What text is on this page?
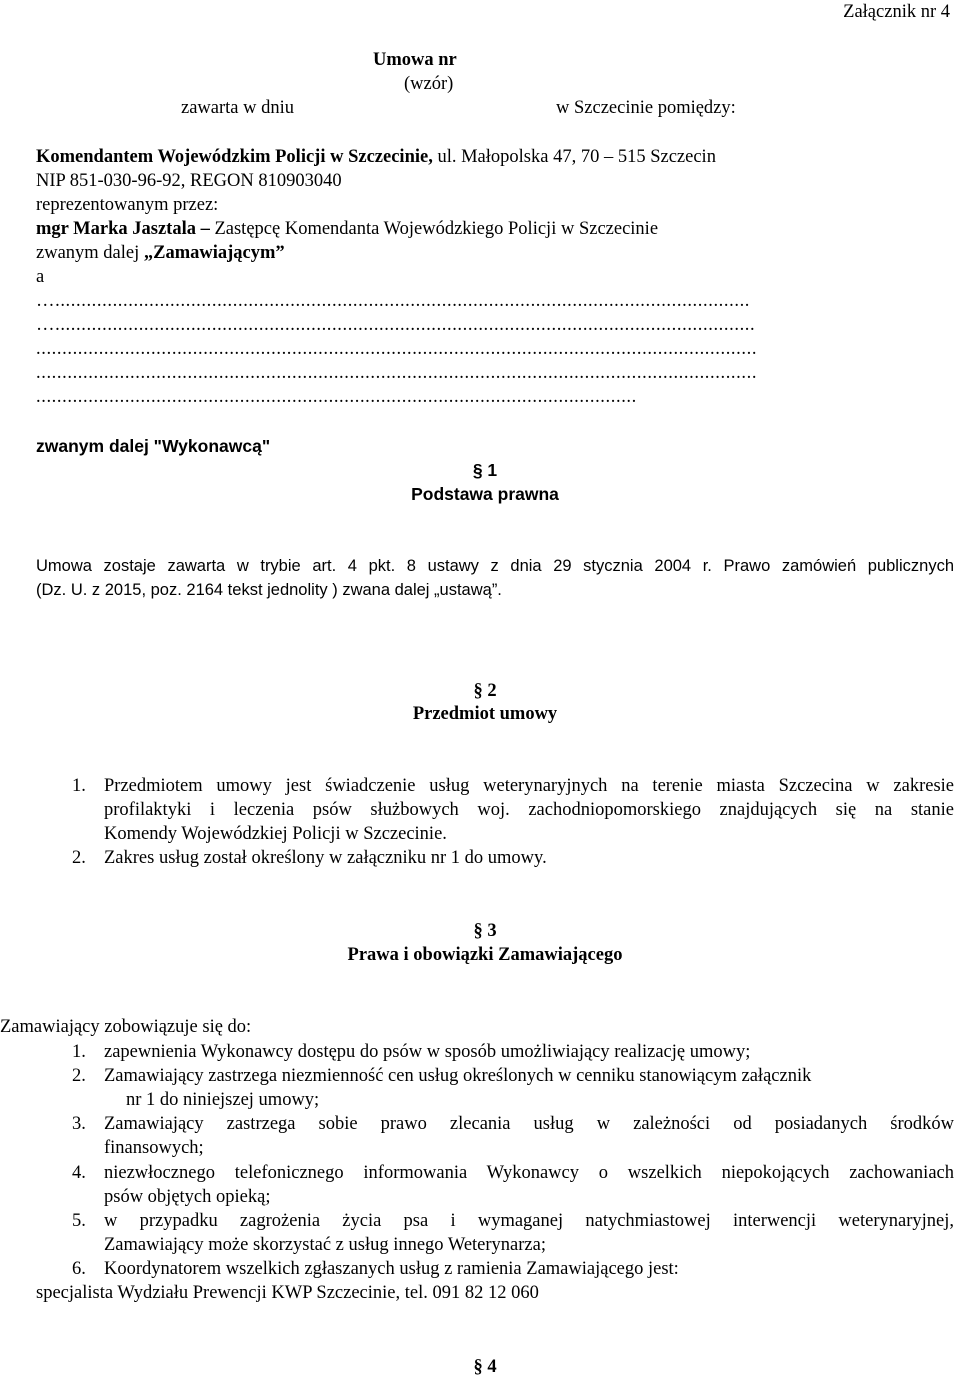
Załącznik nr 4
Umowa nr
(wzór)
zawarta w dniu	w Szczecinie pomiędzy:
Komendantem Wojewódzkim Policji w Szczecinie, ul. Małopolska 47, 70 – 515 Szczecin
NIP 851-030-96-92, REGON 810903040
reprezentowanym przez:
mgr Marka Jasztala – Zastępcę Komendanta Wojewódzkiego Policji w Szczecinie
zwanym dalej „Zamawiającym”
a
….....................................................................................................................................
…......................................................................................................................................
..........................................................................................................................................
..........................................................................................................................................
...................................................................................................................
zwanym dalej "Wykonawcą"
§ 1
Podstawa prawna
Umowa zostaje zawarta w trybie art. 4 pkt. 8 ustawy z dnia 29 stycznia 2004 r. Prawo zamówień publicznych
(Dz. U. z 2015, poz. 2164 tekst jednolity ) zwana dalej „ustawą”.
§ 2
Przedmiot umowy
1. Przedmiotem umowy jest świadczenie usług weterynaryjnych na terenie miasta Szczecina w zakresie
profilaktyki i leczenia psów służbowych woj. zachodniopomorskiego znajdujących się na stanie
Komendy Wojewódzkiej Policji w Szczecinie.
2. Zakres usług został określony w załączniku nr 1 do umowy.
§ 3
Prawa i obowiązki Zamawiającego
Zamawiający zobowiązuje się do:
1. zapewnienia Wykonawcy dostępu do psów w sposób umożliwiający realizację umowy;
2. Zamawiający zastrzega niezmienność cen usług określonych w cenniku stanowiącym załącznik
nr 1 do niniejszej umowy;
3. Zamawiający zastrzega sobie prawo zlecania usług w zależności od posiadanych środków
finansowych;
4. niezwłocznego telefonicznego informowania Wykonawcy o wszelkich niepokojących zachowaniach
psów objętych opieką;
5. w przypadku zagrożenia życia psa i wymaganej natychmiastowej interwencji weterynaryjnej,
Zamawiający może skorzystać z usług innego Weterynarza;
6. Koordynatorem wszelkich zgłaszanych usług z ramienia Zamawiającego jest:
specjalista Wydziału Prewencji KWP Szczecinie, tel. 091 82 12 060
§ 4
